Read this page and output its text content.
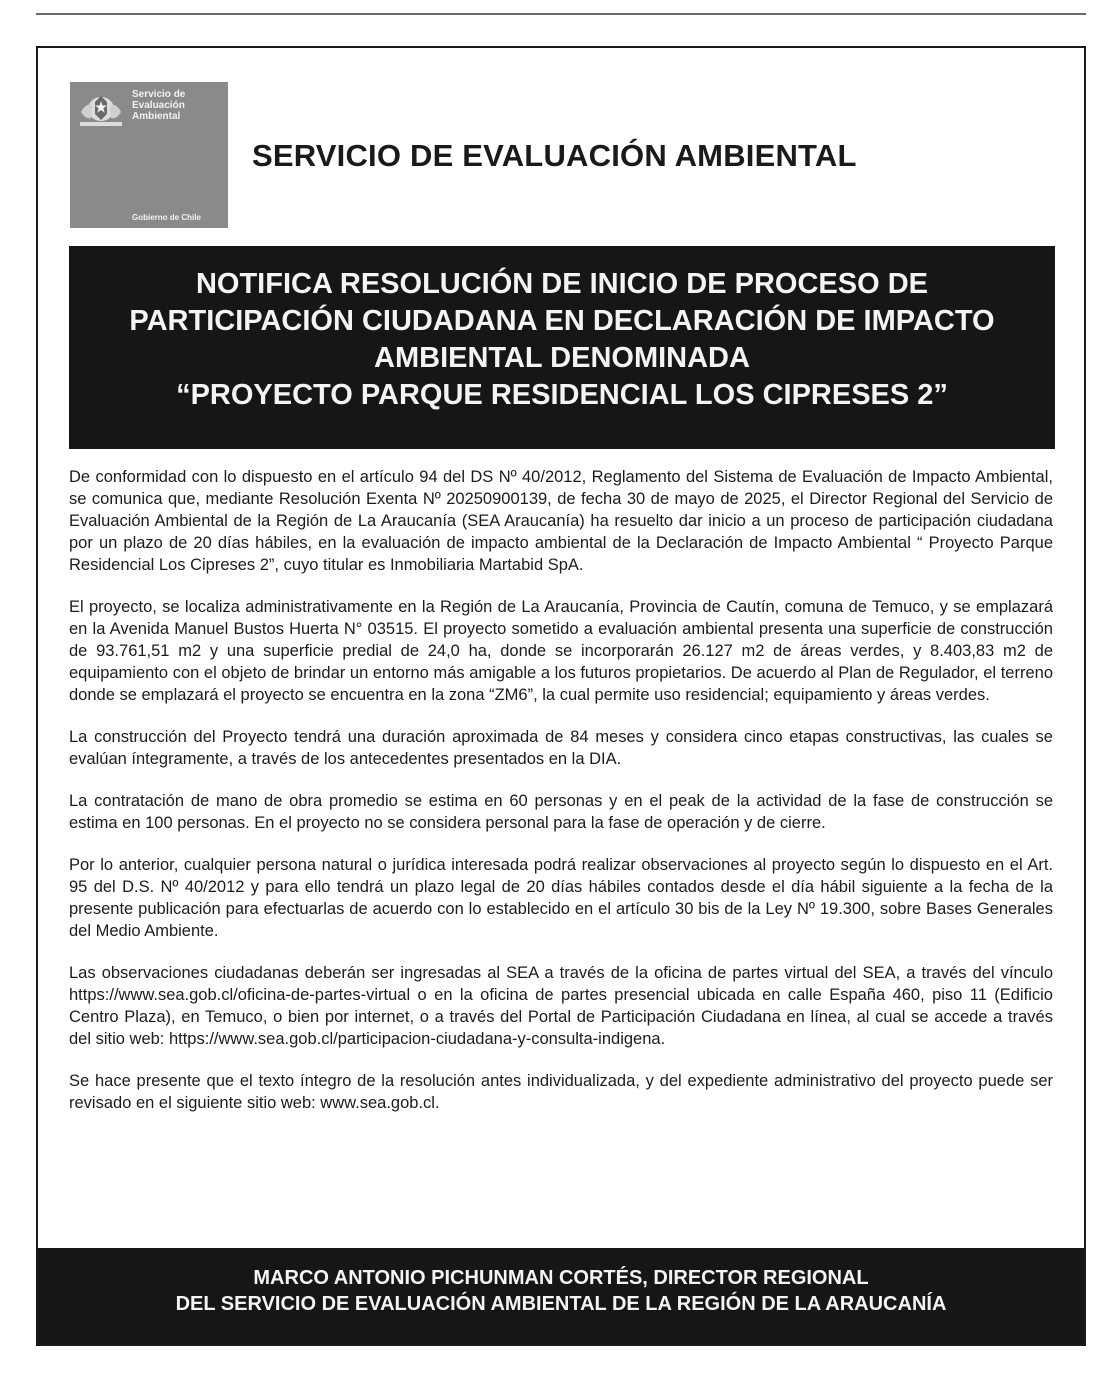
Servicio de
Evaluación
Ambiental
Gobierno de Chile
SERVICIO DE EVALUACIÓN AMBIENTAL
NOTIFICA RESOLUCIÓN DE INICIO DE PROCESO DE
PARTICIPACIÓN CIUDADANA EN DECLARACIÓN DE IMPACTO
AMBIENTAL DENOMINADA
“PROYECTO PARQUE RESIDENCIAL LOS CIPRESES 2”

De conformidad con lo dispuesto en el artículo 94 del DS Nº 40/2012, Reglamento del Sistema de Evaluación de Impacto Ambiental, se comunica que, mediante Resolución Exenta Nº 20250900139, de fecha 30 de mayo de 2025, el Director Regional del Servicio de Evaluación Ambiental de la Región de La Araucanía (SEA Araucanía) ha resuelto dar inicio a un proceso de participación ciudadana por un plazo de 20 días hábiles, en la evaluación de impacto ambiental de la Declaración de Impacto Ambiental “ Proyecto Parque Residencial Los Cipreses 2”, cuyo titular es Inmobiliaria Martabid SpA.

El proyecto, se localiza administrativamente en la Región de La Araucanía, Provincia de Cautín, comuna de Temuco, y se emplazará en la Avenida Manuel Bustos Huerta N° 03515. El proyecto sometido a evaluación ambiental presenta una superficie de construcción de 93.761,51 m2 y una superficie predial de 24,0 ha, donde se incorporarán 26.127 m2 de áreas verdes, y 8.403,83 m2 de equipamiento con el objeto de brindar un entorno más amigable a los futuros propietarios. De acuerdo al Plan de Regulador, el terreno donde se emplazará el proyecto se encuentra en la zona “ZM6”, la cual permite uso residencial; equipamiento y áreas verdes.

La construcción del Proyecto tendrá una duración aproximada de 84 meses y considera cinco etapas constructivas, las cuales se evalúan íntegramente, a través de los antecedentes presentados en la DIA.

La contratación de mano de obra promedio se estima en 60 personas y en el peak de la actividad de la fase de construcción se estima en 100 personas. En el proyecto no se considera personal para la fase de operación y de cierre.

Por lo anterior, cualquier persona natural o jurídica interesada podrá realizar observaciones al proyecto según lo dispuesto en el Art. 95 del D.S. Nº 40/2012 y para ello tendrá un plazo legal de 20 días hábiles contados desde el día hábil siguiente a la fecha de la presente publicación para efectuarlas de acuerdo con lo establecido en el artículo 30 bis de la Ley Nº 19.300, sobre Bases Generales del Medio Ambiente.

Las observaciones ciudadanas deberán ser ingresadas al SEA a través de la oficina de partes virtual del SEA, a través del vínculo https://www.sea.gob.cl/oficina-de-partes-virtual o en la oficina de partes presencial ubicada en calle España 460, piso 11 (Edificio Centro Plaza), en Temuco, o bien por internet, o a través del Portal de Participación Ciudadana en línea, al cual se accede a través del sitio web: https://www.sea.gob.cl/participacion-ciudadana-y-consulta-indigena.

Se hace presente que el texto íntegro de la resolución antes individualizada, y del expediente administrativo del proyecto puede ser revisado en el siguiente sitio web: www.sea.gob.cl.

MARCO ANTONIO PICHUNMAN CORTÉS, DIRECTOR REGIONAL
DEL SERVICIO DE EVALUACIÓN AMBIENTAL DE LA REGIÓN DE LA ARAUCANÍA
